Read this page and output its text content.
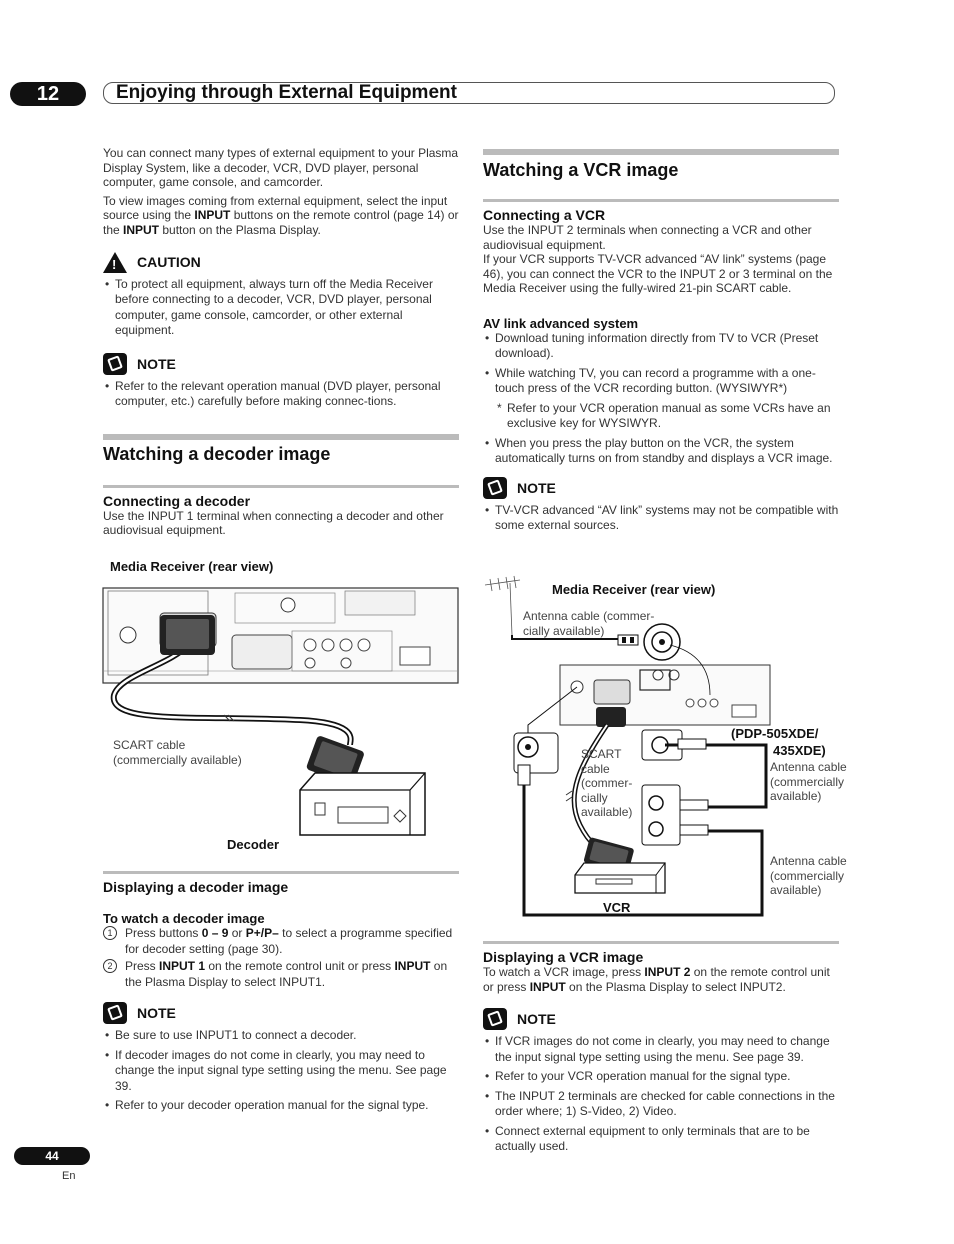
12	Enjoying through External Equipment

You can connect many types of external equipment to your Plasma Display System, like a decoder, VCR, DVD player, personal computer, game console, and camcorder.

To view images coming from external equipment, select the input source using the INPUT buttons on the remote control (page 14) or the INPUT button on the Plasma Display.

! CAUTION
• To protect all equipment, always turn off the Media Receiver before connecting to a decoder, VCR, DVD player, personal computer, game console, camcorder, or other external equipment.
NOTE
• Refer to the relevant operation manual (DVD player, personal computer, etc.) carefully before making connec-tions.
Watching a decoder image
Connecting a decoder

Use the INPUT 1 terminal when connecting a decoder and other audiovisual equipment.

Media Receiver (rear view)
SCART cable
(commercially available)
Decoder
Displaying a decoder image
To watch a decoder image
1	Press buttons 0 – 9 or P+/P– to select a programme specified for decoder setting (page 30).
2	Press INPUT 1 on the remote control unit or press INPUT on the Plasma Display to select INPUT1.
NOTE
• Be sure to use INPUT1 to connect a decoder.
• If decoder images do not come in clearly, you may need to change the input signal type setting using the menu. See page 39.
• Refer to your decoder operation manual for the signal type.
Watching a VCR image
Connecting a VCR

Use the INPUT 2 terminals when connecting a VCR and other audiovisual equipment.

If your VCR supports TV-VCR advanced “AV link” systems (page 46), you can connect the VCR to the INPUT 2 or 3 terminal on the Media Receiver using the fully-wired 21-pin SCART cable.

AV link advanced system
• Download tuning information directly from TV to VCR (Preset download).
• While watching TV, you can record a programme with a one-touch press of the VCR recording button. (WYSIWYR*)
* Refer to your VCR operation manual as some VCRs have an exclusive key for WYSIWYR.
• When you press the play button on the VCR, the system automatically turns on from standby and displays a VCR image.
NOTE
• TV-VCR advanced “AV link” systems may not be compatible with some external sources.
Media Receiver (rear view)
Antenna cable (commer-
cially available)
(PDP-505XDE/
435XDE)
Antenna cable
(commercially
available)
SCART
cable
(commer-
cially
available)
Antenna cable
(commercially
available)
VCR
Displaying a VCR image

To watch a VCR image, press INPUT 2 on the remote control unit or press INPUT on the Plasma Display to select INPUT2.

NOTE
• If VCR images do not come in clearly, you may need to change the input signal type setting using the menu. See page 39.
• Refer to your VCR operation manual for the signal type.
• The INPUT 2 terminals are checked for cable connections in the order where; 1) S-Video, 2) Video.
• Connect external equipment to only terminals that are to be actually used.
44
En
